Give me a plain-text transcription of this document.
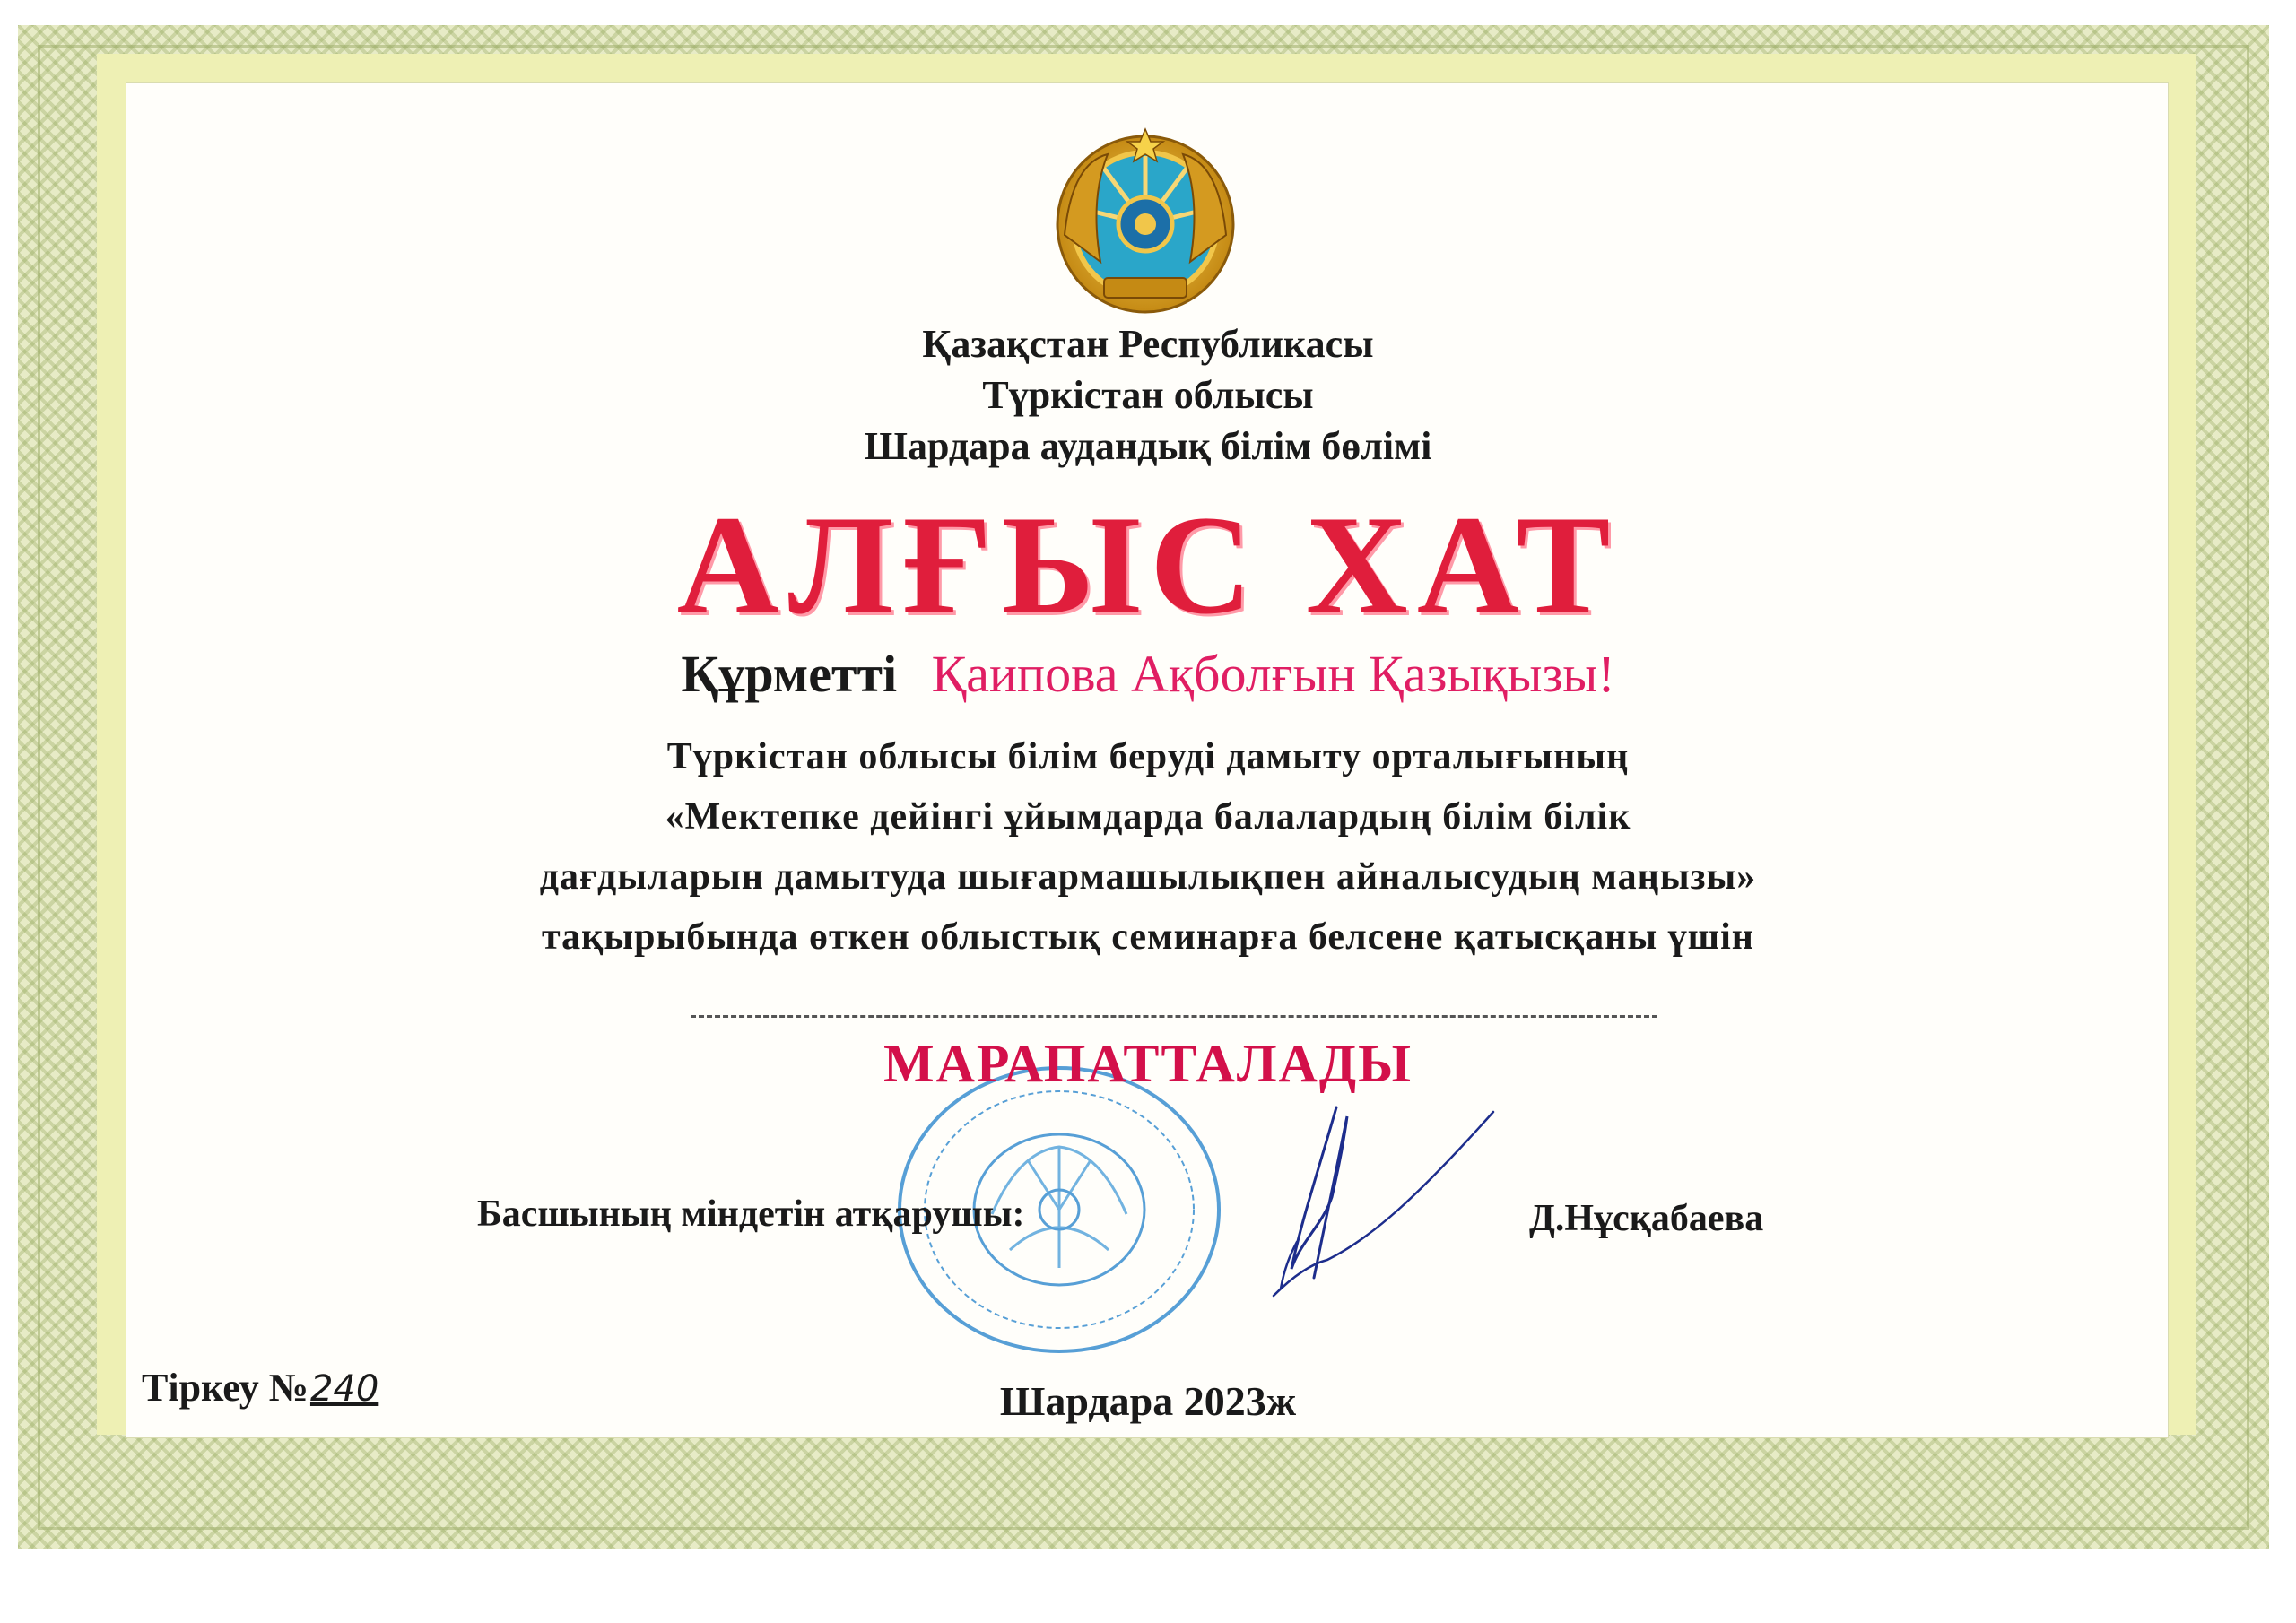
Қазақстан Республикасы
Түркістан облысы
Шардара аудандық білім бөлімі
АЛҒЫС ХАТ
Құрметті Қаипова Ақболғын Қазықызы!
Түркістан облысы білім беруді дамыту орталығының
«Мектепке дейінгі ұйымдарда балалардың білім білік
дағдыларын дамытуда шығармашылықпен айналысудың маңызы»
тақырыбында өткен облыстық семинарға белсене қатысқаны үшін
МАРАПАТТАЛАДЫ
Басшының міндетін атқарушы:	Д.Нұсқабаева
Тіркеу №240	Шардара 2023ж
